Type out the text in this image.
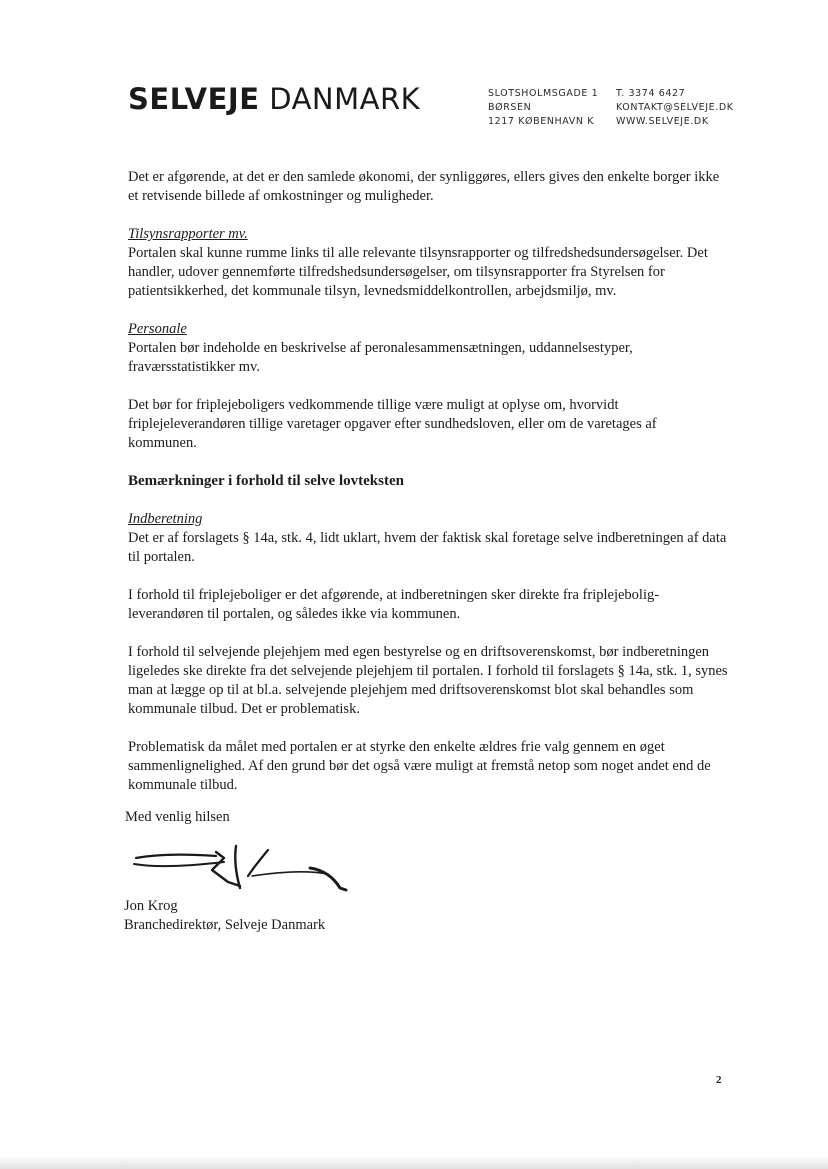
SELVEJE DANMARK	SLOTSHOLMSGADE 1
BØRSEN
1217 KØBENHAVN K
T. 3374 6427
KONTAKT@SELVEJE.DK
WWW.SELVEJE.DK

Det er afgørende, at det er den samlede økonomi, der synliggøres, ellers gives den enkelte borger ikke et retvisende billede af omkostninger og muligheder.

Tilsynsrapporter mv.
Portalen skal kunne rumme links til alle relevante tilsynsrapporter og tilfredshedsundersøgelser. Det handler, udover gennemførte tilfredshedsundersøgelser, om tilsynsrapporter fra Styrelsen for patientsikkerhed, det kommunale tilsyn, levnedsmiddelkontrollen, arbejdsmiljø, mv.

Personale
Portalen bør indeholde en beskrivelse af peronalesammensætningen, uddannelsestyper, fraværsstatistikker mv.

Det bør for friplejeboligers vedkommende tillige være muligt at oplyse om, hvorvidt friplejeleverandøren tillige varetager opgaver efter sundhedsloven, eller om de varetages af kommunen.

Bemærkninger i forhold til selve lovteksten

Indberetning
Det er af forslagets § 14a, stk. 4, lidt uklart, hvem der faktisk skal foretage selve indberetningen af data til portalen.

I forhold til friplejeboliger er det afgørende, at indberetningen sker direkte fra friplejebolig-leverandøren til portalen, og således ikke via kommunen.

I forhold til selvejende plejehjem med egen bestyrelse og en driftsoverenskomst, bør indberetningen ligeledes ske direkte fra det selvejende plejehjem til portalen. I forhold til forslagets § 14a, stk. 1, synes man at lægge op til at bl.a. selvejende plejehjem med driftsoverenskomst blot skal behandles som kommunale tilbud. Det er problematisk.

Problematisk da målet med portalen er at styrke den enkelte ældres frie valg gennem en øget sammenlignelighed. Af den grund bør det også være muligt at fremstå netop som noget andet end de kommunale tilbud.

Med venlig hilsen
Jon Krog
Branchedirektør, Selveje Danmark
2
